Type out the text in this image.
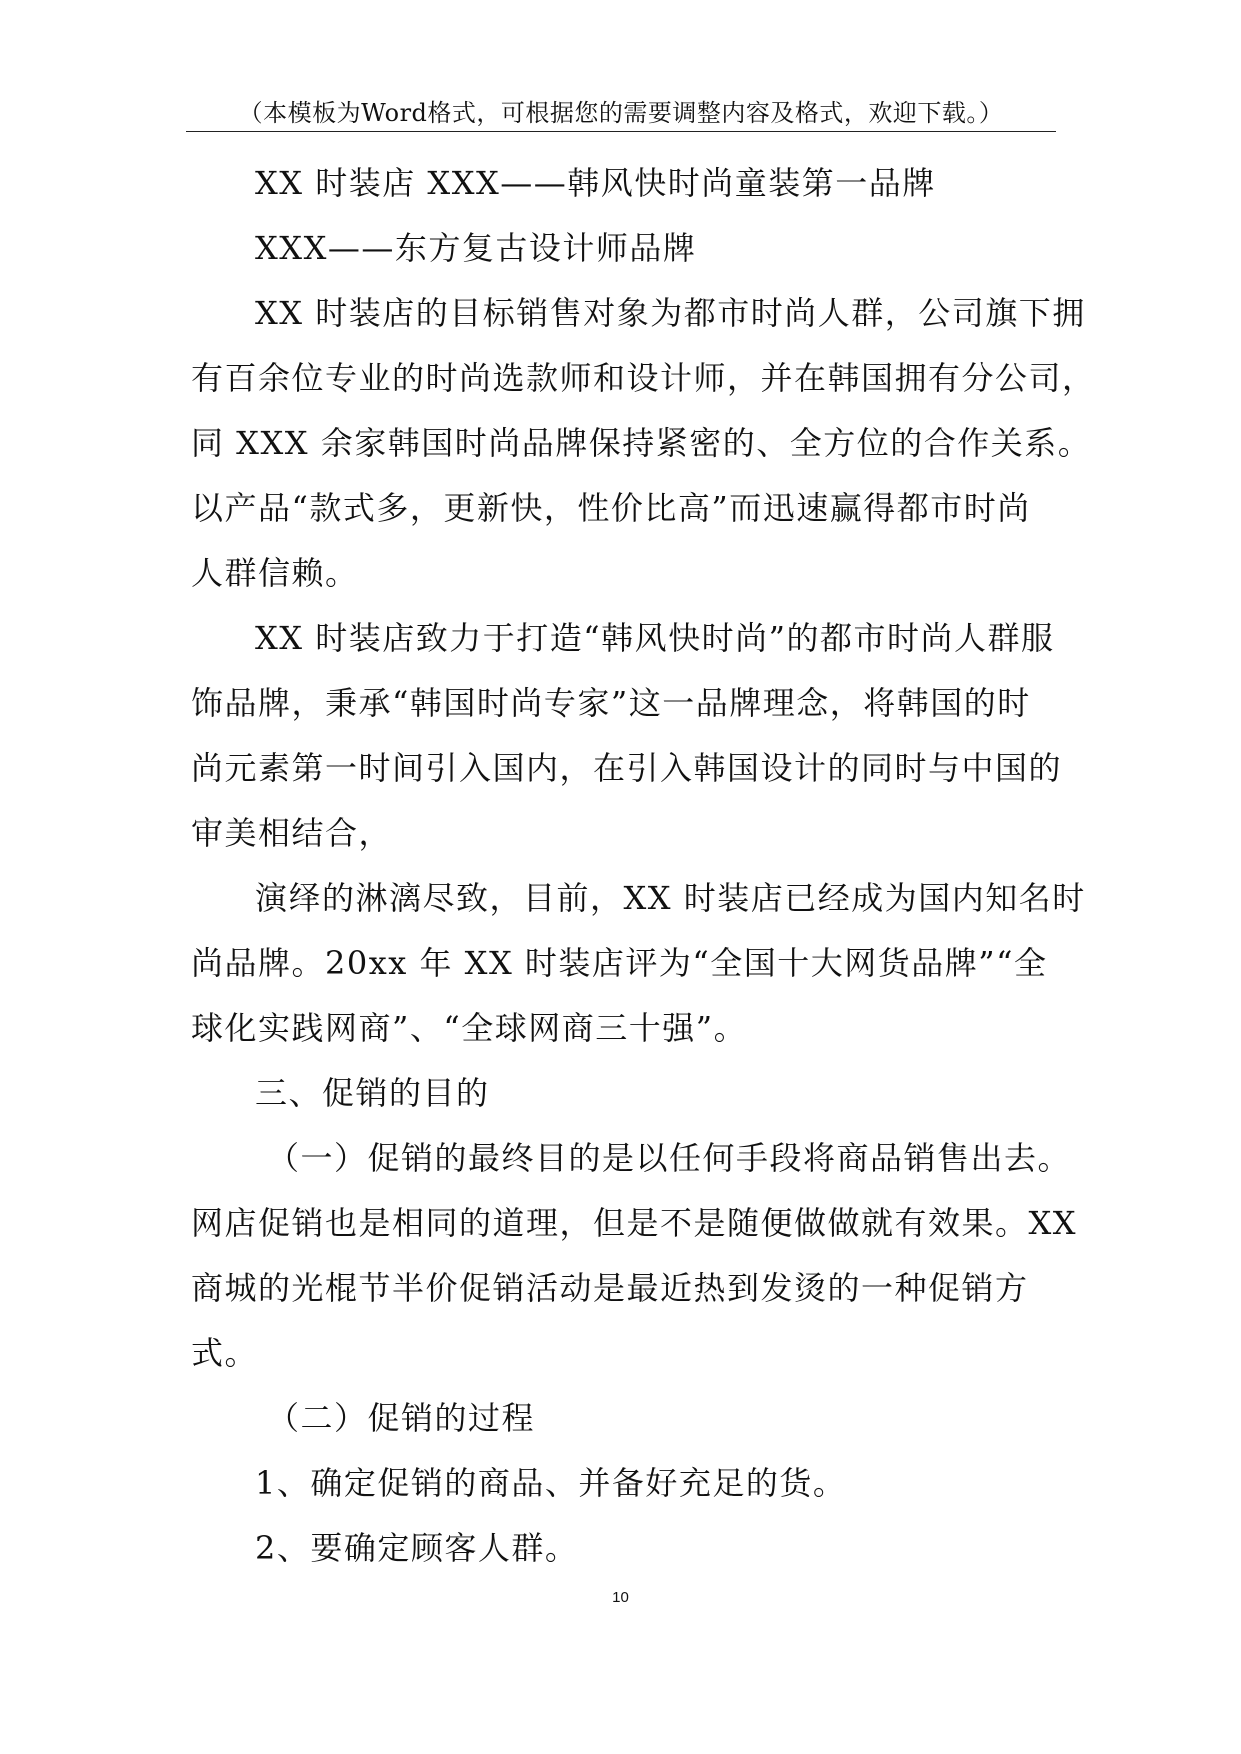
（本模板为Word格式，可根据您的需要调整内容及格式，欢迎下载。）
XX 时装店 XXX——韩风快时尚童装第一品牌
XXX——东方复古设计师品牌
XX 时装店的目标销售对象为都市时尚人群，公司旗下拥
有百余位专业的时尚选款师和设计师，并在韩国拥有分公司，
同 XXX 余家韩国时尚品牌保持紧密的、全方位的合作关系。
以产品“款式多，更新快，性价比高”而迅速赢得都市时尚
人群信赖。
XX 时装店致力于打造“韩风快时尚”的都市时尚人群服
饰品牌，秉承“韩国时尚专家”这一品牌理念，将韩国的时
尚元素第一时间引入国内，在引入韩国设计的同时与中国的
审美相结合，
演绎的淋漓尽致，目前，XX 时装店已经成为国内知名时
尚品牌。20xx 年 XX 时装店评为“全国十大网货品牌”“全
球化实践网商”、“全球网商三十强”。
三、促销的目的
（一）促销的最终目的是以任何手段将商品销售出去。
网店促销也是相同的道理，但是不是随便做做就有效果。XX
商城的光棍节半价促销活动是最近热到发烫的一种促销方
式。
（二）促销的过程
1、确定促销的商品、并备好充足的货。
2、要确定顾客人群。
10
